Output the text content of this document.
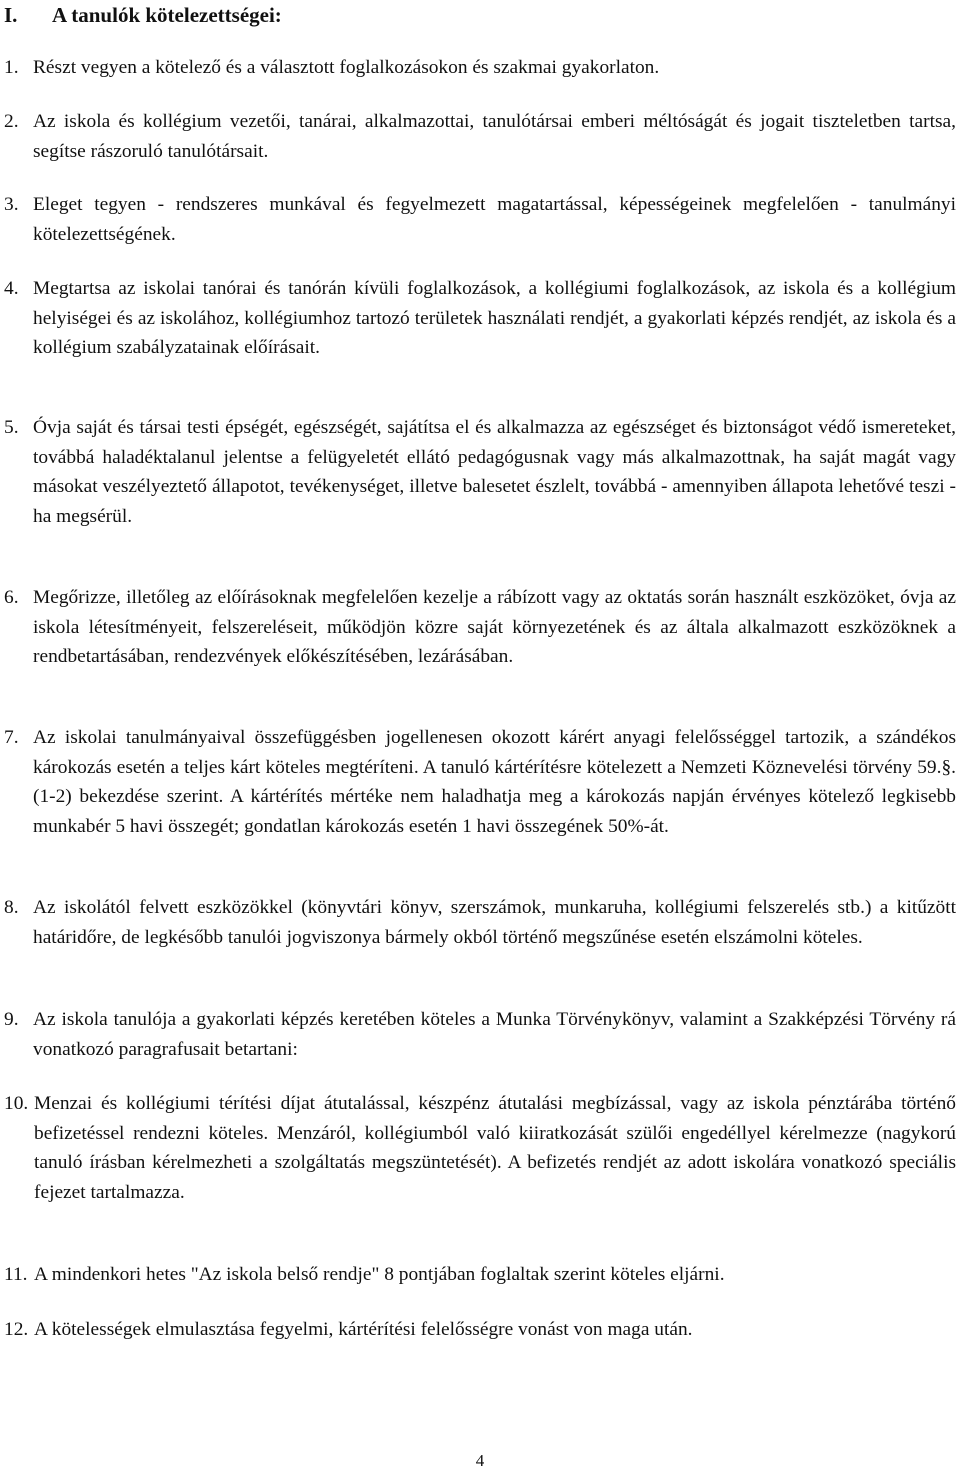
I. A tanulók kötelezettségei:
1. Részt vegyen a kötelező és a választott foglalkozásokon és szakmai gyakorlaton.
2. Az iskola és kollégium vezetői, tanárai, alkalmazottai, tanulótársai emberi méltóságát és jogait tiszteletben tartsa, segítse rászoruló tanulótársait.
3. Eleget tegyen - rendszeres munkával és fegyelmezett magatartással, képességeinek megfelelően - tanulmányi kötelezettségének.
4. Megtartsa az iskolai tanórai és tanórán kívüli foglalkozások, a kollégiumi foglalkozások, az iskola és a kollégium helyiségei és az iskolához, kollégiumhoz tartozó területek használati rendjét, a gyakorlati képzés rendjét, az iskola és a kollégium szabályzatainak előírásait.
5. Óvja saját és társai testi épségét, egészségét, sajátítsa el és alkalmazza az egészséget és biztonságot védő ismereteket, továbbá haladéktalanul jelentse a felügyeletét ellátó pedagógusnak vagy más alkalmazottnak, ha saját magát vagy másokat veszélyeztető állapotot, tevékenységet, illetve balesetet észlelt, továbbá - amennyiben állapota lehetővé teszi - ha megsérül.
6. Megőrizze, illetőleg az előírásoknak megfelelően kezelje a rábízott vagy az oktatás során használt eszközöket, óvja az iskola létesítményeit, felszereléseit, működjön közre saját környezetének és az általa alkalmazott eszközöknek a rendbetartásában, rendezvények előkészítésében, lezárásában.
7. Az iskolai tanulmányaival összefüggésben jogellenesen okozott kárért anyagi felelősséggel tartozik, a szándékos károkozás esetén a teljes kárt köteles megtéríteni. A tanuló kártérítésre kötelezett a Nemzeti Köznevelési törvény 59.§. (1-2) bekezdése szerint. A kártérítés mértéke nem haladhatja meg a károkozás napján érvényes kötelező legkisebb munkabér 5 havi összegét; gondatlan károkozás esetén 1 havi összegének 50%-át.
8. Az iskolától felvett eszközökkel (könyvtári könyv, szerszámok, munkaruha, kollégiumi felszerelés stb.) a kitűzött határidőre, de legkésőbb tanulói jogviszonya bármely okból történő megszűnése esetén elszámolni köteles.
9. Az iskola tanulója a gyakorlati képzés keretében köteles a Munka Törvénykönyv, valamint a Szakképzési Törvény rá vonatkozó paragrafusait betartani:
10. Menzai és kollégiumi térítési díjat átutalással, készpénz átutalási megbízással, vagy az iskola pénztárába történő befizetéssel rendezni köteles. Menzáról, kollégiumból való kiiratkozását szülői engedéllyel kérelmezze (nagykorú tanuló írásban kérelmezheti a szolgáltatás megszüntetését). A befizetés rendjét az adott iskolára vonatkozó speciális fejezet tartalmazza.
11. A mindenkori hetes "Az iskola belső rendje" 8 pontjában foglaltak szerint köteles eljárni.
12. A kötelességek elmulasztása fegyelmi, kártérítési felelősségre vonást von maga után.
4
